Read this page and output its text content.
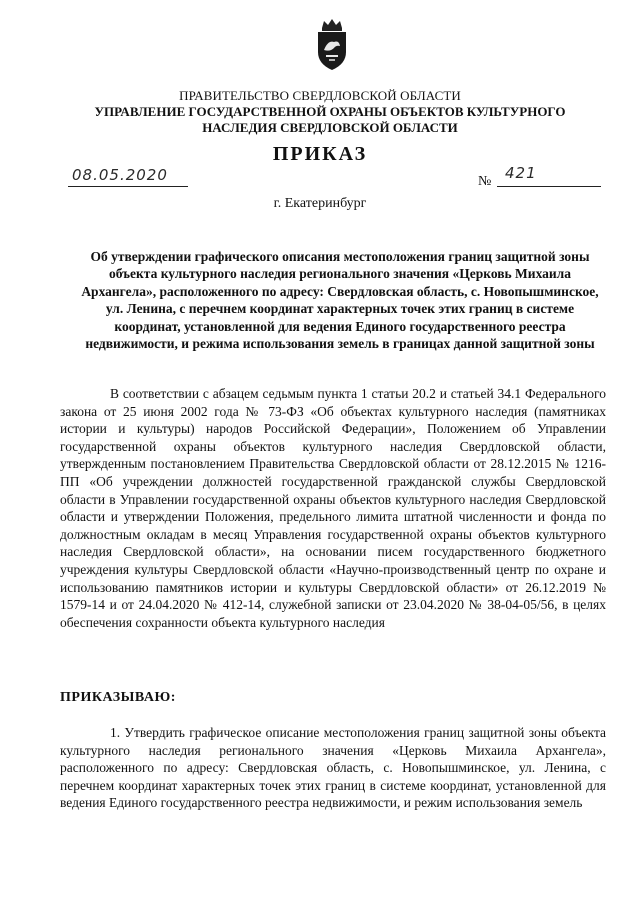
ПРАВИТЕЛЬСТВО СВЕРДЛОВСКОЙ ОБЛАСТИ
УПРАВЛЕНИЕ ГОСУДАРСТВЕННОЙ ОХРАНЫ ОБЪЕКТОВ КУЛЬТУРНОГО НАСЛЕДИЯ СВЕРДЛОВСКОЙ ОБЛАСТИ
ПРИКАЗ
08.05.2020	№ 421
г. Екатеринбург
Об утверждении графического описания местоположения границ защитной зоны объекта культурного наследия регионального значения «Церковь Михаила Архангела», расположенного по адресу: Свердловская область, с. Новопышминское, ул. Ленина, с перечнем координат характерных точек этих границ в системе координат, установленной для ведения Единого государственного реестра недвижимости, и режима использования земель в границах данной защитной зоны
В соответствии с абзацем седьмым пункта 1 статьи 20.2 и статьей 34.1 Федерального закона от 25 июня 2002 года № 73-ФЗ «Об объектах культурного наследия (памятниках истории и культуры) народов Российской Федерации», Положением об Управлении государственной охраны объектов культурного наследия Свердловской области, утвержденным постановлением Правительства Свердловской области от 28.12.2015 № 1216-ПП «Об учреждении должностей государственной гражданской службы Свердловской области в Управлении государственной охраны объектов культурного наследия Свердловской области и утверждении Положения, предельного лимита штатной численности и фонда по должностным окладам в месяц Управления государственной охраны объектов культурного наследия Свердловской области», на основании писем государственного бюджетного учреждения культуры Свердловской области «Научно-производственный центр по охране и использованию памятников истории и культуры Свердловской области» от 26.12.2019 № 1579-14 и от 24.04.2020 № 412-14, служебной записки от 23.04.2020 № 38-04-05/56, в целях обеспечения сохранности объекта культурного наследия
ПРИКАЗЫВАЮ:
1. Утвердить графическое описание местоположения границ защитной зоны объекта культурного наследия регионального значения «Церковь Михаила Архангела», расположенного по адресу: Свердловская область, с. Новопышминское, ул. Ленина, с перечнем координат характерных точек этих границ в системе координат, установленной для ведения Единого государственного реестра недвижимости, и режим использования земель
